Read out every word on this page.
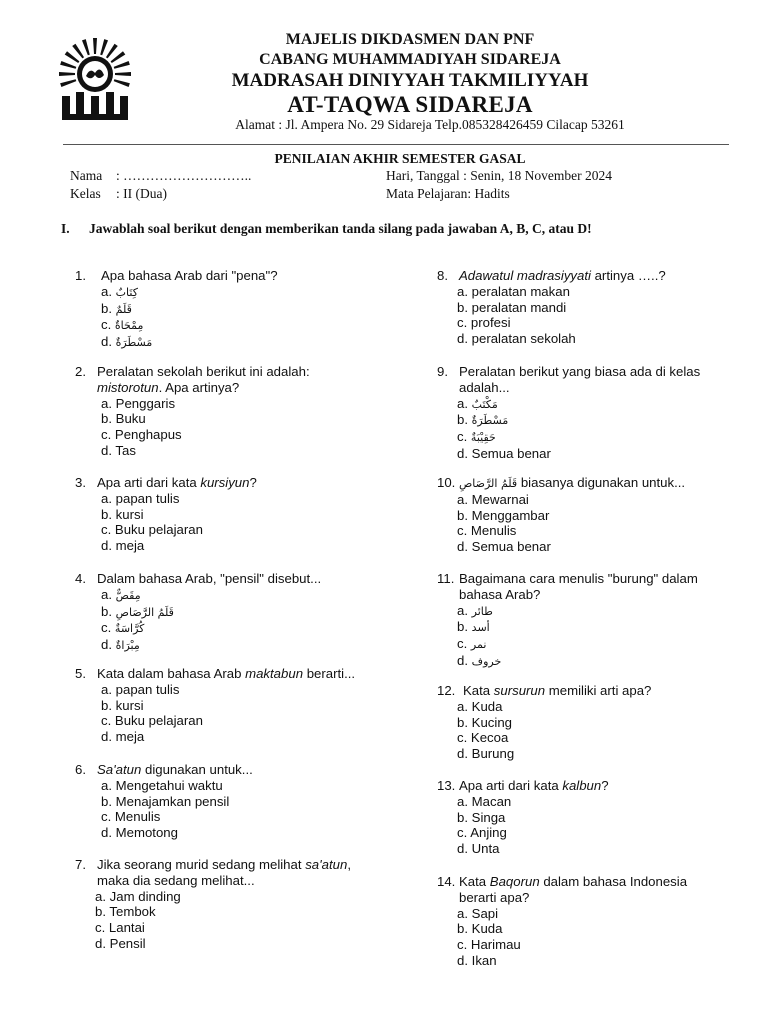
MAJELIS DIKDASMEN DAN PNF
CABANG MUHAMMADIYAH SIDAREJA
MADRASAH DINIYYAH TAKMILIYYAH
AT-TAQWA SIDAREJA
Alamat : Jl. Ampera No. 29 Sidareja Telp.085328426459 Cilacap 53261
PENILAIAN AKHIR SEMESTER GASAL
Nama : ………………………..
Kelas : II (Dua)
Hari, Tanggal : Senin, 18 November 2024
Mata Pelajaran: Hadits
I. Jawablah soal berikut dengan memberikan tanda silang pada jawaban A, B, C, atau D!
1. Apa bahasa Arab dari "pena"?
a. كِتَابٌ
b. قَلَمٌ
c. مِمْحَاةٌ
d. مَسْطَرَةٌ
2. Peralatan sekolah berikut ini adalah:
mistorotun. Apa artinya?
a. Penggaris
b. Buku
c. Penghapus
d. Tas
3. Apa arti dari kata kursiyun?
a. papan tulis
b. kursi
c. Buku pelajaran
d. meja
4. Dalam bahasa Arab, "pensil" disebut...
a. مِقَصٌّ
b. قَلَمُ الرَّصَاصِ
c. كُرَّاسَةٌ
d. مِبْرَاةٌ
5. Kata dalam bahasa Arab maktabun berarti...
a. papan tulis
b. kursi
c. Buku pelajaran
d. meja
6. Sa'atun digunakan untuk...
a. Mengetahui waktu
b. Menajamkan pensil
c. Menulis
d. Memotong
7. Jika seorang murid sedang melihat sa'atun,
maka dia sedang melihat...
a. Jam dinding
b. Tembok
c. Lantai
d. Pensil
8. Adawatul madrasiyyati artinya …..?
a. peralatan makan
b. peralatan mandi
c. profesi
d. peralatan sekolah
9. Peralatan berikut yang biasa ada di kelas
adalah...
a. مَكْتَبٌ
b. مَسْطَرَةٌ
c. حَقِيْبَةٌ
d. Semua benar
10. قَلَمُ الرَّصَاصِ biasanya digunakan untuk...
a. Mewarnai
b. Menggambar
c. Menulis
d. Semua benar
11. Bagaimana cara menulis "burung" dalam
bahasa Arab?
a. طائر
b. أسد
c. نمر
d. خروف
12. Kata sursurun memiliki arti apa?
a. Kuda
b. Kucing
c. Kecoa
d. Burung
13. Apa arti dari kata kalbun?
a. Macan
b. Singa
c. Anjing
d. Unta
14. Kata Baqorun dalam bahasa Indonesia
berarti apa?
a. Sapi
b. Kuda
c. Harimau
d. Ikan
